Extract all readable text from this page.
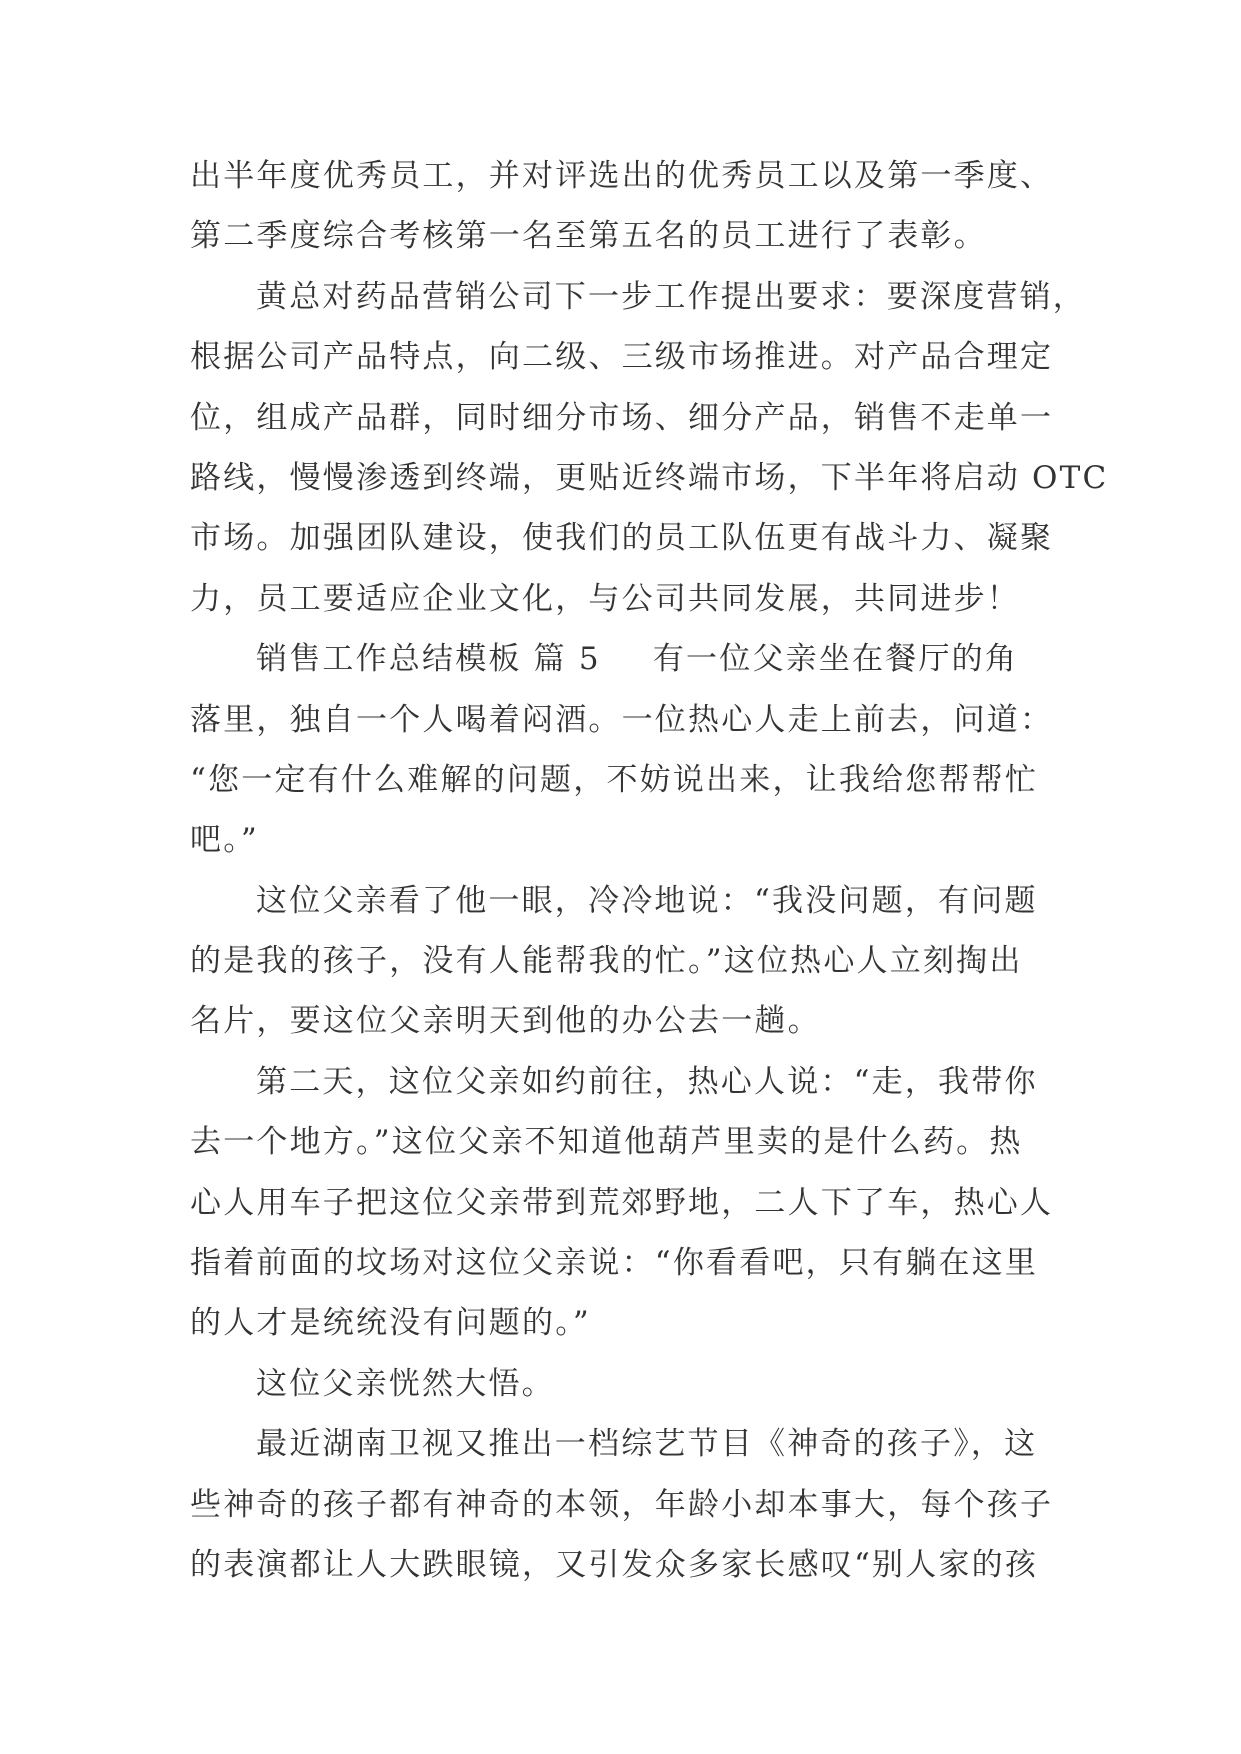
出半年度优秀员工，并对评选出的优秀员工以及第一季度、
第二季度综合考核第一名至第五名的员工进行了表彰。
黄总对药品营销公司下一步工作提出要求：要深度营销，
根据公司产品特点，向二级、三级市场推进。对产品合理定
位，组成产品群，同时细分市场、细分产品，销售不走单一
路线，慢慢渗透到终端，更贴近终端市场，下半年将启动 OTC
市场。加强团队建设，使我们的员工队伍更有战斗力、凝聚
力，员工要适应企业文化，与公司共同发展，共同进步！
销售工作总结模板 篇 5 有一位父亲坐在餐厅的角
落里，独自一个人喝着闷酒。一位热心人走上前去，问道：
“您一定有什么难解的问题，不妨说出来，让我给您帮帮忙
吧。”
这位父亲看了他一眼，冷冷地说：“我没问题，有问题
的是我的孩子，没有人能帮我的忙。”这位热心人立刻掏出
名片，要这位父亲明天到他的办公去一趟。
第二天，这位父亲如约前往，热心人说：“走，我带你
去一个地方。”这位父亲不知道他葫芦里卖的是什么药。热
心人用车子把这位父亲带到荒郊野地，二人下了车，热心人
指着前面的坟场对这位父亲说：“你看看吧，只有躺在这里
的人才是统统没有问题的。”
这位父亲恍然大悟。
最近湖南卫视又推出一档综艺节目《神奇的孩子》，这
些神奇的孩子都有神奇的本领，年龄小却本事大，每个孩子
的表演都让人大跌眼镜，又引发众多家长感叹“别人家的孩
